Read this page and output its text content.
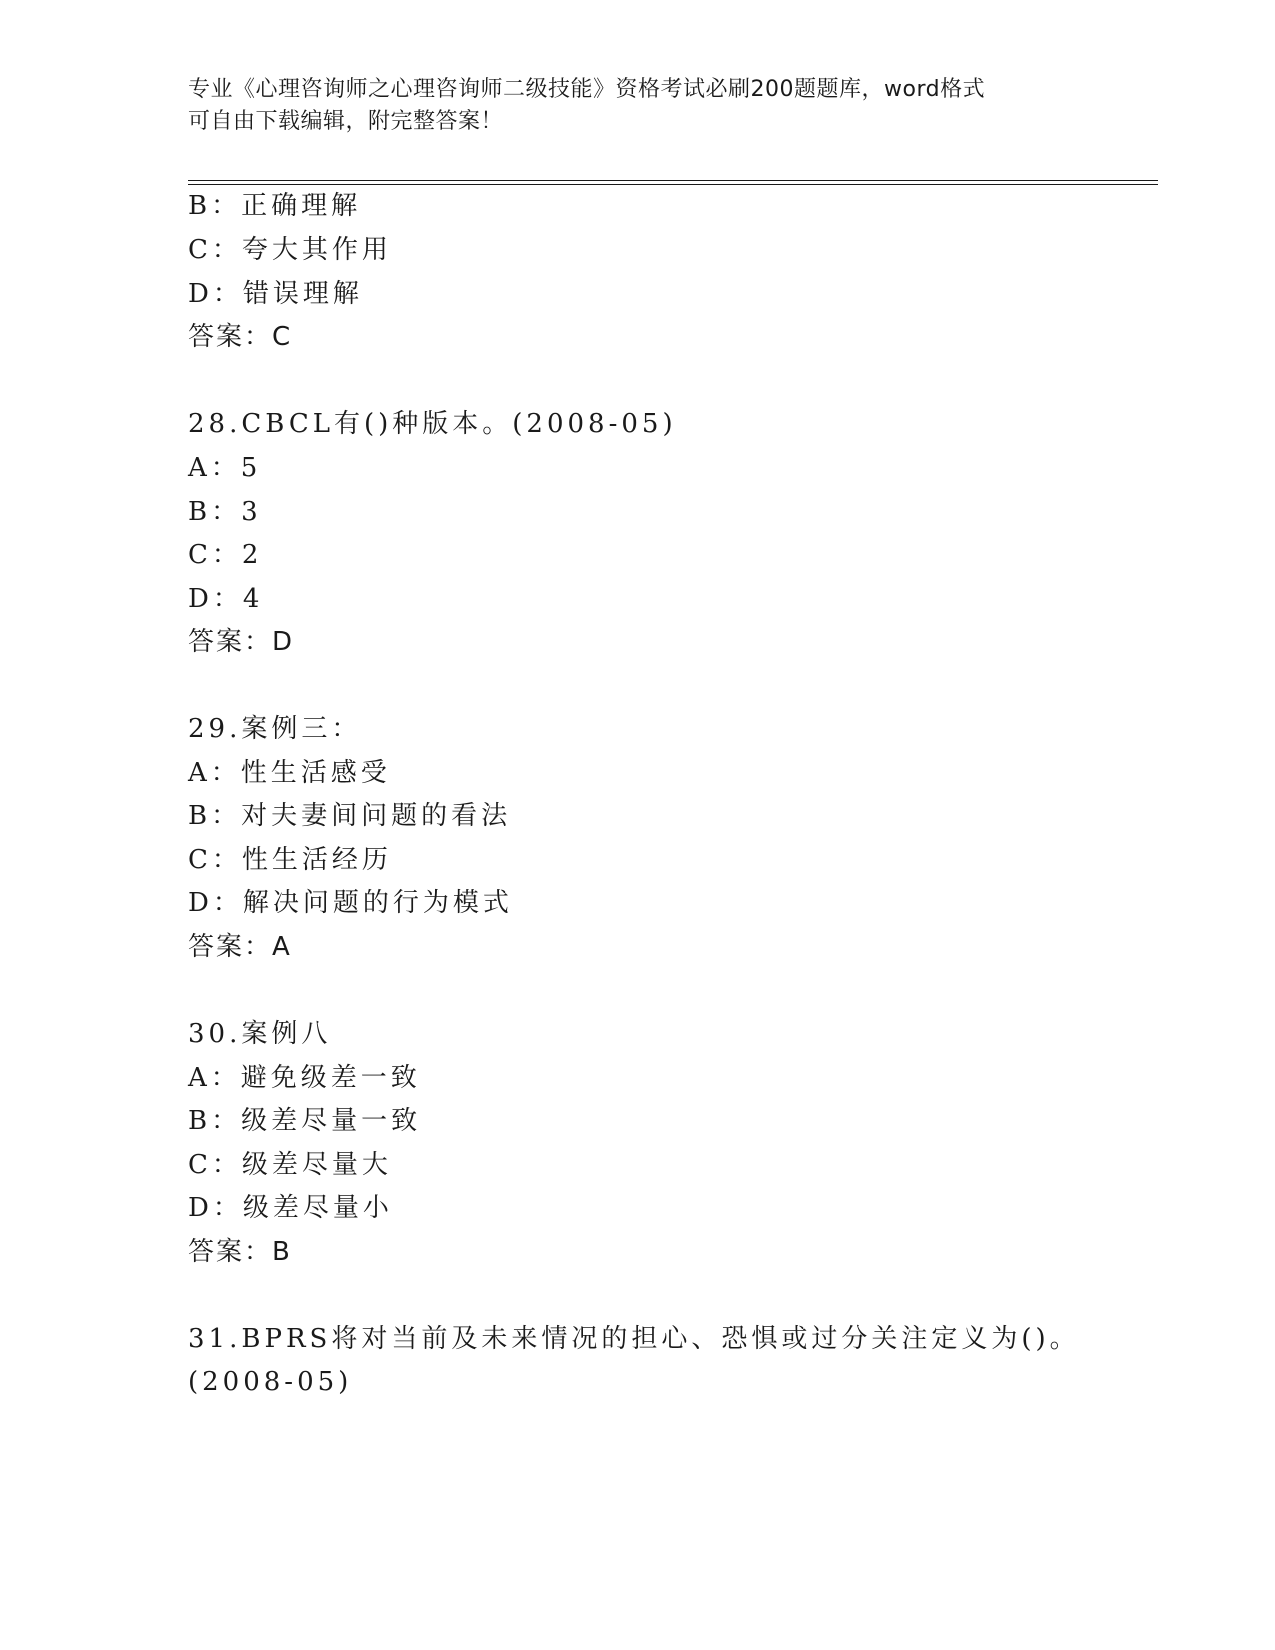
专业《心理咨询师之心理咨询师二级技能》资格考试必刷200题题库，word格式
可自由下载编辑，附完整答案！
B：正确理解
C：夸大其作用
D：错误理解
答案：C
28.CBCL有()种版本。(2008-05)
A：5
B：3
C：2
D：4
答案：D
29.案例三：
A：性生活感受
B：对夫妻间问题的看法
C：性生活经历
D：解决问题的行为模式
答案：A
30.案例八
A：避免级差一致
B：级差尽量一致
C：级差尽量大
D：级差尽量小
答案：B
31.BPRS将对当前及未来情况的担心、恐惧或过分关注定义为()。
(2008-05)
